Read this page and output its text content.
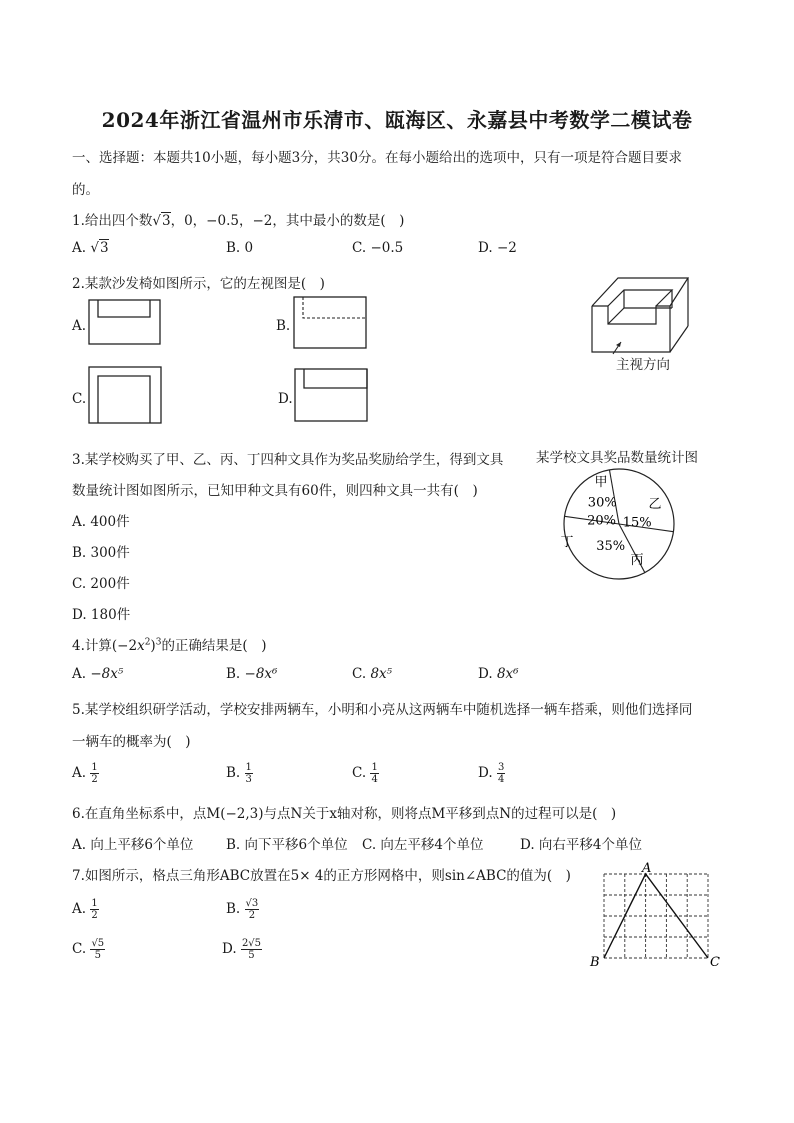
2024年浙江省温州市乐清市、瓯海区、永嘉县中考数学二模试卷
一、选择题：本题共10小题，每小题3分，共30分。在每小题给出的选项中，只有一项是符合题目要求
的。
1.给出四个数√3，0，−0.5，−2，其中最小的数是(　)
A. √3	B. 0	C. −0.5	D. −2
2.某款沙发椅如图所示，它的左视图是(　)
A.	B.
C.	D.
主视方向
3.某学校购买了甲、乙、丙、丁四种文具作为奖品奖励给学生，得到文具
数量统计图如图所示，已知甲种文具有60件，则四种文具一共有(　)
A. 400件
B. 300件
C. 200件
D. 180件
某学校文具奖品数量统计图
30%
甲
15%
乙
35%
丙
20%
丁
4.计算$(-2x^2)^3$的正确结果是(　)
A. −8x⁵	B. −8x⁶	C. 8x⁵	D. 8x⁶
5.某学校组织研学活动，学校安排两辆车，小明和小亮从这两辆车中随机选择一辆车搭乘，则他们选择同
一辆车的概率为(　)
A. $\frac{1}{2}$	B. $\frac{1}{3}$	C. $\frac{1}{4}$	D. $\frac{3}{4}$
6.在直角坐标系中，点M(−2,3)与点N关于x轴对称，则将点M平移到点N的过程可以是(　)
A. 向上平移6个单位 B. 向下平移6个单位 C. 向左平移4个单位	D. 向右平移4个单位
7.如图所示，格点三角形ABC放置在5× 4的正方形网格中，则sin∠ABC的值为(　)
A. $\frac{1}{2}$	B. $\frac{√3}{2}$
C. $\frac{√5}{5}$	D. $\frac{2√5}{5}$
A
B	C
